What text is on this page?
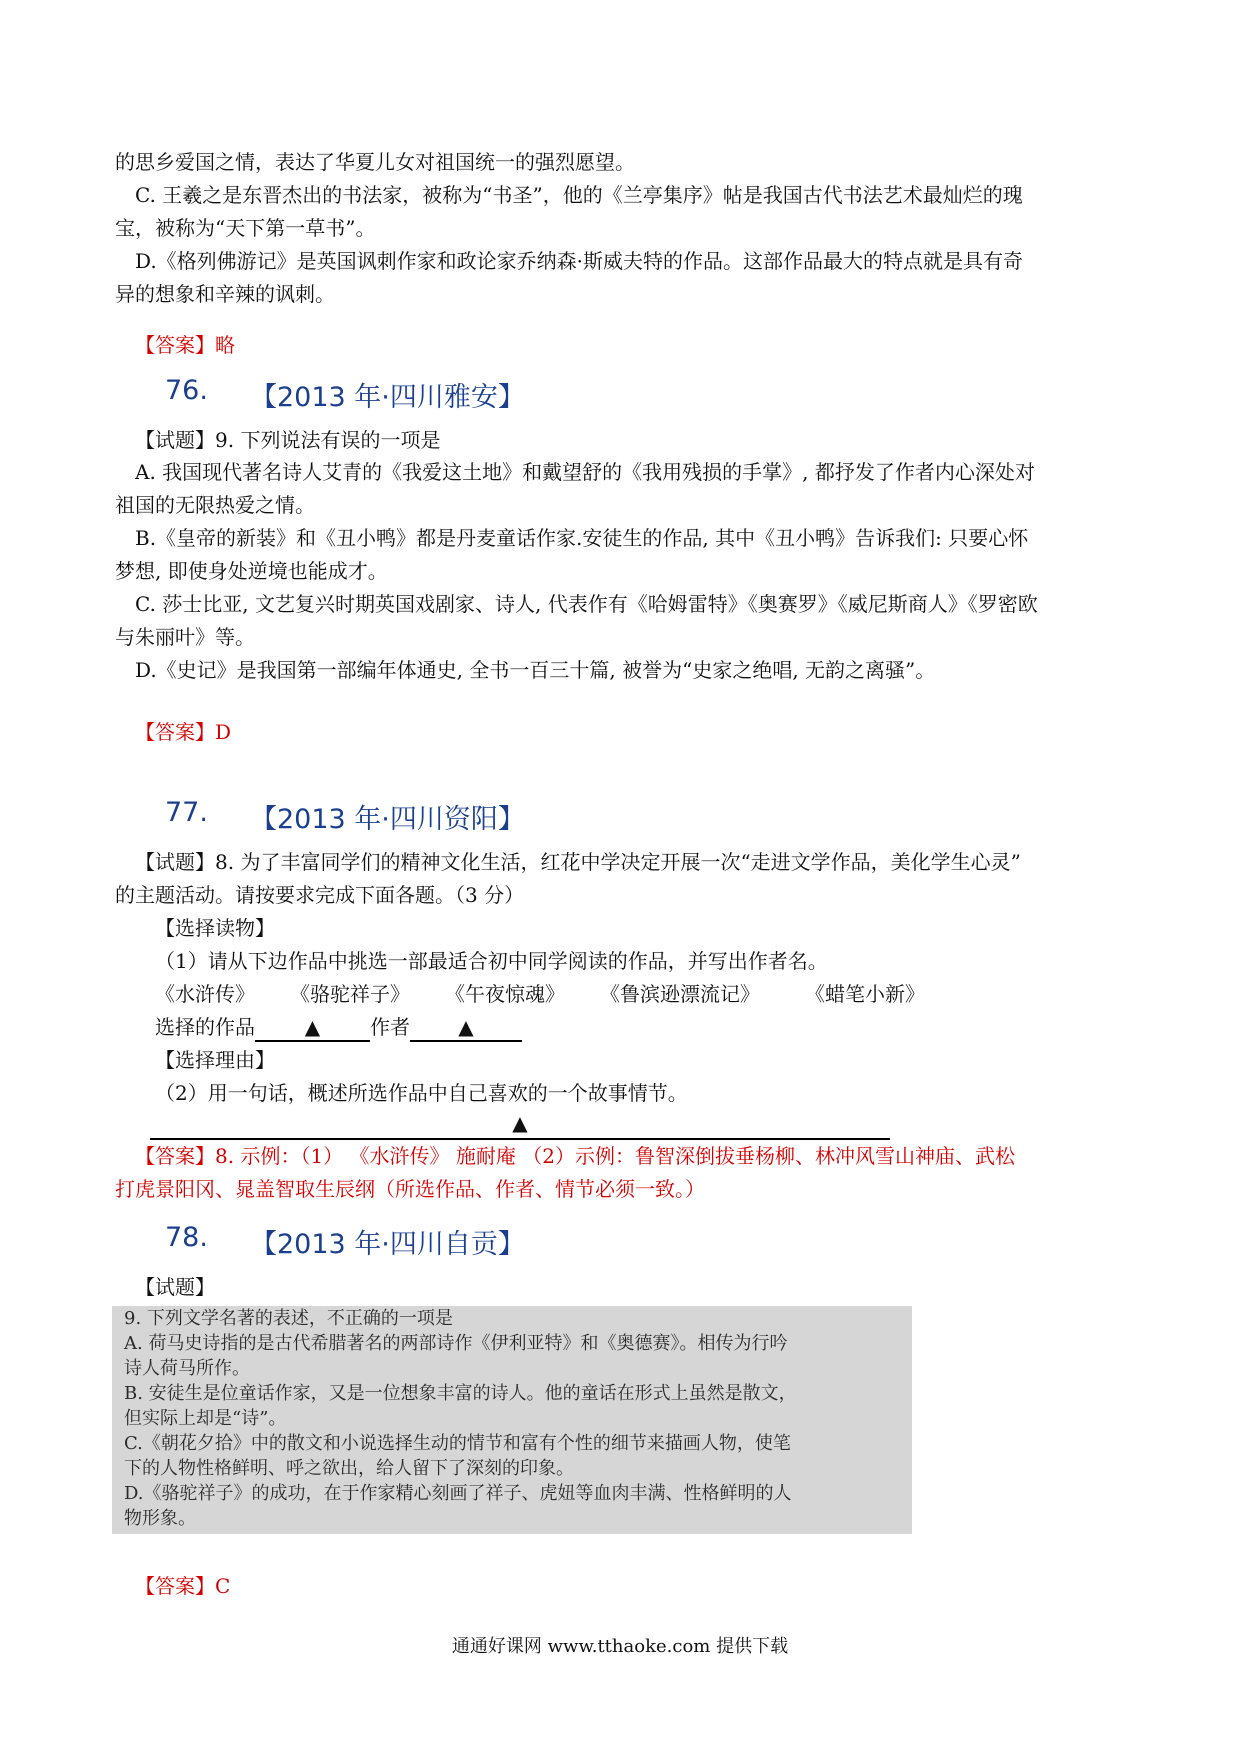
的思乡爱国之情，表达了华夏儿女对祖国统一的强烈愿望。
C. 王羲之是东晋杰出的书法家，被称为“书圣”，他的《兰亭集序》帖是我国古代书法艺术最灿烂的瑰
宝，被称为“天下第一草书”。
D.《格列佛游记》是英国讽刺作家和政论家乔纳森·斯威夫特的作品。这部作品最大的特点就是具有奇
异的想象和辛辣的讽刺。
【答案】略
76. 【2013 年·四川雅安】
【试题】9. 下列说法有误的一项是
A. 我国现代著名诗人艾青的《我爱这土地》和戴望舒的《我用残损的手掌》, 都抒发了作者内心深处对
祖国的无限热爱之情。
B.《皇帝的新装》和《丑小鸭》都是丹麦童话作家.安徒生的作品, 其中《丑小鸭》告诉我们: 只要心怀
梦想, 即使身处逆境也能成才。
C. 莎士比亚, 文艺复兴时期英国戏剧家、诗人, 代表作有《哈姆雷特》《奥赛罗》《威尼斯商人》《罗密欧
与朱丽叶》等。
D.《史记》是我国第一部编年体通史, 全书一百三十篇, 被誉为“史家之绝唱, 无韵之离骚”。
【答案】D
77. 【2013 年·四川资阳】
【试题】8. 为了丰富同学们的精神文化生活，红花中学决定开展一次“走进文学作品，美化学生心灵”
的主题活动。请按要求完成下面各题。（3 分）
【选择读物】
（1）请从下边作品中挑选一部最适合初中同学阅读的作品，并写出作者名。
《水浒传》 《骆驼祥子》 《午夜惊魂》 《鲁滨逊漂流记》 《蜡笔小新》
选择的作品 ▲ 作者 ▲
【选择理由】
（2）用一句话，概述所选作品中自己喜欢的一个故事情节。
▲
【答案】8. 示例：（1） 《水浒传》 施耐庵 （2）示例：鲁智深倒拔垂杨柳、林冲风雪山神庙、武松
打虎景阳冈、晁盖智取生辰纲（所选作品、作者、情节必须一致。）
78. 【2013 年·四川自贡】
【试题】
9. 下列文学名著的表述，不正确的一项是
A. 荷马史诗指的是古代希腊著名的两部诗作《伊利亚特》和《奥德赛》。相传为行吟
诗人荷马所作。
B. 安徒生是位童话作家，又是一位想象丰富的诗人。他的童话在形式上虽然是散文，
但实际上却是“诗”。
C.《朝花夕拾》中的散文和小说选择生动的情节和富有个性的细节来描画人物，使笔
下的人物性格鲜明、呼之欲出，给人留下了深刻的印象。
D.《骆驼祥子》的成功，在于作家精心刻画了祥子、虎妞等血肉丰满、性格鲜明的人
物形象。
【答案】C
通通好课网 www.tthaoke.com 提供下载
